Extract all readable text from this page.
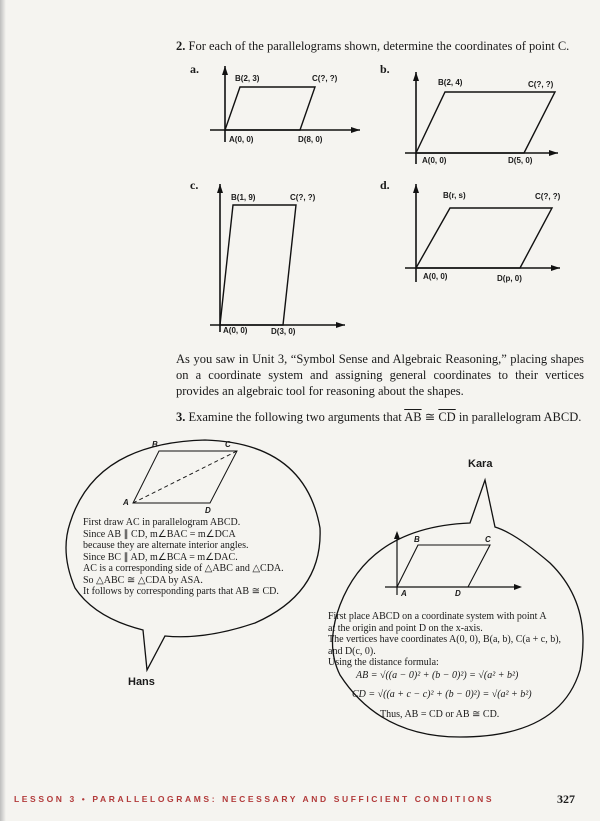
2. For each of the parallelograms shown, determine the coordinates of point C.
a.
B(2, 3)	C(?, ?)
A(0, 0)	D(8, 0)
b.
B(2, 4)	C(?, ?)
A(0, 0)	D(5, 0)
c.
B(1, 9)	C(?, ?)
A(0, 0)	D(3, 0)
d.
B(r, s)	C(?, ?)
A(0, 0)	D(p, 0)
As you saw in Unit 3, “Symbol Sense and Algebraic Reasoning,” placing shapes on a coordinate system and assigning general coordinates to their vertices provides an algebraic tool for reasoning about the shapes.
3. Examine the following two arguments that $\overline{AB}$ ≅ $\overline{CD}$ in parallelogram ABCD.
B	C
A
D
First draw AC in parallelogram ABCD.
Since AB ∥ CD, m∠BAC = m∠DCA
because they are alternate interior angles.
Since BC ∥ AD, m∠BCA = m∠DAC.
AC is a corresponding side of △ABC and △CDA.
So △ABC ≅ △CDA by ASA.
It follows by corresponding parts that AB ≅ CD.
Hans
Kara
B	C
A	D
First place ABCD on a coordinate system with point A
at the origin and point D on the x-axis.
The vertices have coordinates A(0, 0), B(a, b), C(a + c, b),
and D(c, 0).
Using the distance formula:
AB = √((a − 0)² + (b − 0)²) = √(a² + b²)
CD = √((a + c − c)² + (b − 0)²) = √(a² + b²)
Thus, AB = CD or AB ≅ CD.
LESSON 3 • PARALLELOGRAMS: NECESSARY AND SUFFICIENT CONDITIONS	327
